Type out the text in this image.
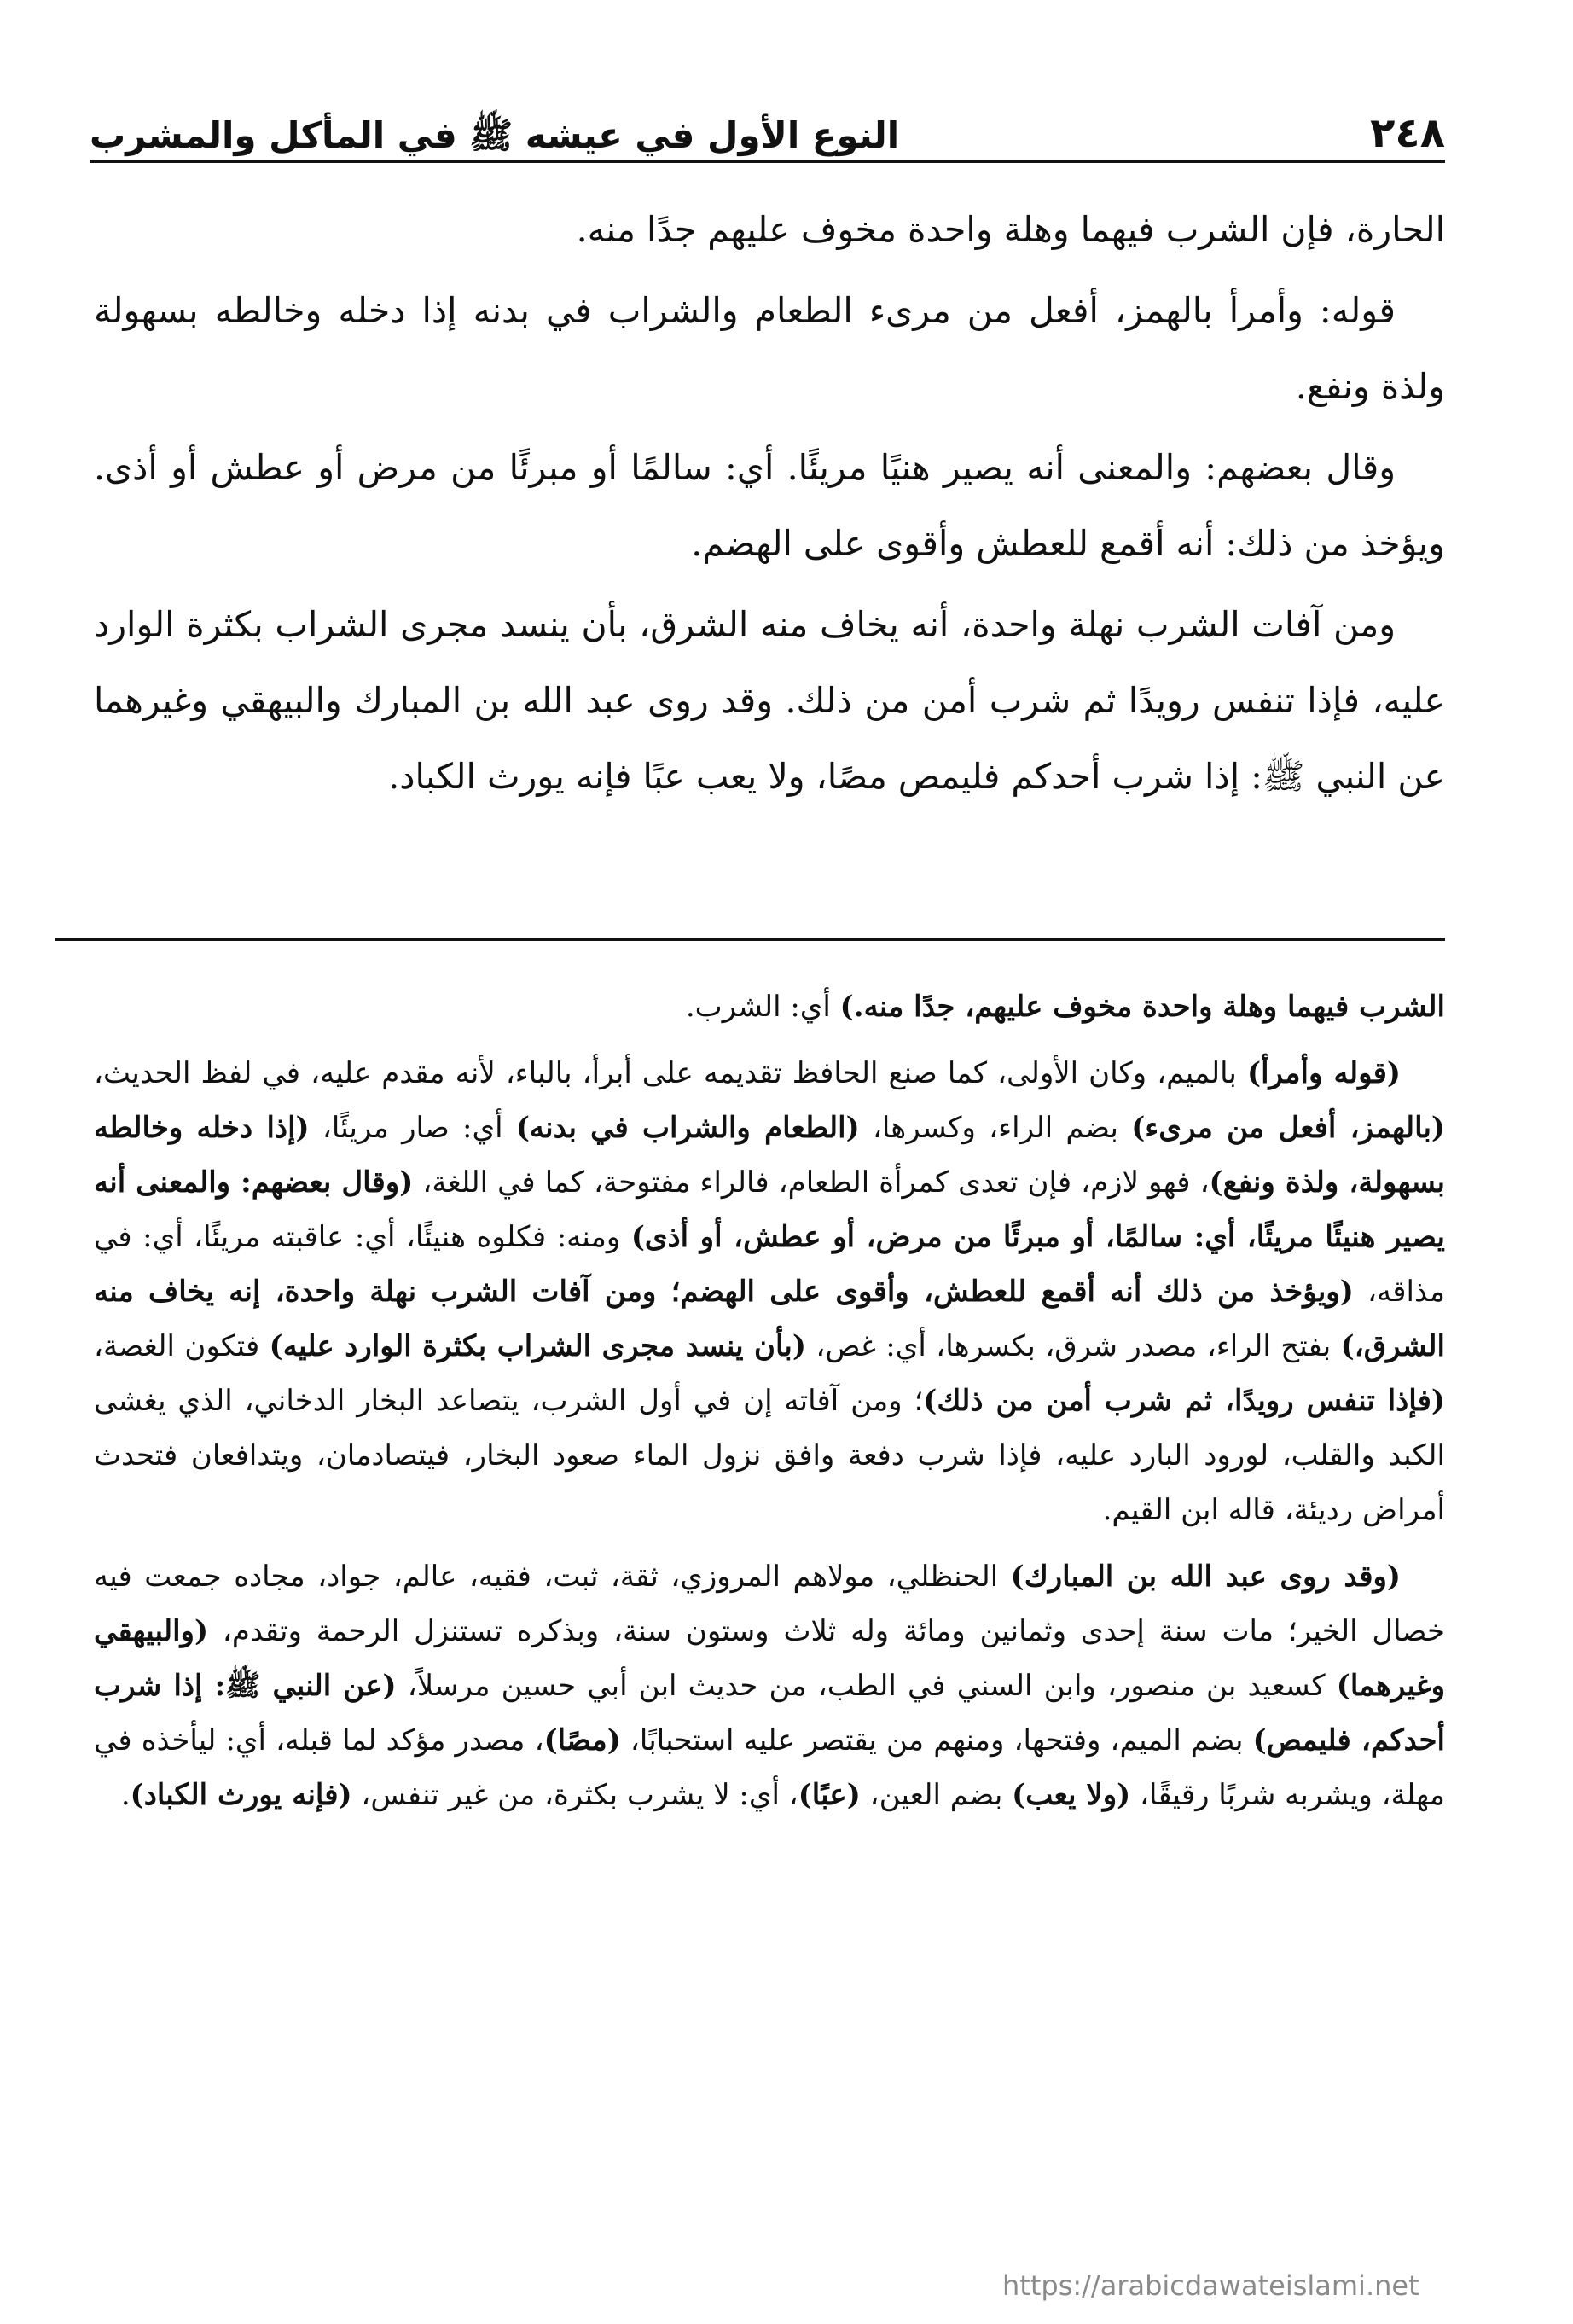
٢٤٨
النوع الأول في عيشه ﷺ في المأكل والمشرب

الحارة، فإن الشرب فيهما وهلة واحدة مخوف عليهم جدًا منه.

قوله: وأمرأ بالهمز، أفعل من مرىء الطعام والشراب في بدنه إذا دخله وخالطه بسهولة ولذة ونفع.

وقال بعضهم: والمعنى أنه يصير هنيًا مريئًا. أي: سالمًا أو مبرئًا من مرض أو عطش أو أذى. ويؤخذ من ذلك: أنه أقمع للعطش وأقوى على الهضم.

ومن آفات الشرب نهلة واحدة، أنه يخاف منه الشرق، بأن ينسد مجرى الشراب بكثرة الوارد عليه، فإذا تنفس رويدًا ثم شرب أمن من ذلك. وقد روى عبد الله بن المبارك والبيهقي وغيرهما عن النبي ﷺ: إذا شرب أحدكم فليمص مصًا، ولا يعب عبًا فإنه يورث الكباد.

الشرب فيهما وهلة واحدة مخوف عليهم، جدًا منه.) أي: الشرب.

(قوله وأمرأ) بالميم، وكان الأولى، كما صنع الحافظ تقديمه على أبرأ، بالباء، لأنه مقدم عليه، في لفظ الحديث، (بالهمز، أفعل من مرىء) بضم الراء، وكسرها، (الطعام والشراب في بدنه) أي: صار مريئًا، (إذا دخله وخالطه بسهولة، ولذة ونفع)، فهو لازم، فإن تعدى كمرأة الطعام، فالراء مفتوحة، كما في اللغة، (وقال بعضهم: والمعنى أنه يصير هنيئًا مريئًا، أي: سالمًا، أو مبرئًا من مرض، أو عطش، أو أذى) ومنه: فكلوه هنيئًا، أي: عاقبته مريئًا، أي: في مذاقه، (ويؤخذ من ذلك أنه أقمع للعطش، وأقوى على الهضم؛ ومن آفات الشرب نهلة واحدة، إنه يخاف منه الشرق،) بفتح الراء، مصدر شرق، بكسرها، أي: غص، (بأن ينسد مجرى الشراب بكثرة الوارد عليه) فتكون الغصة، (فإذا تنفس رويدًا، ثم شرب أمن من ذلك)؛ ومن آفاته إن في أول الشرب، يتصاعد البخار الدخاني، الذي يغشى الكبد والقلب، لورود البارد عليه، فإذا شرب دفعة وافق نزول الماء صعود البخار، فيتصادمان، ويتدافعان فتحدث أمراض رديئة، قاله ابن القيم.

(وقد روى عبد الله بن المبارك) الحنظلي، مولاهم المروزي، ثقة، ثبت، فقيه، عالم، جواد، مجاده جمعت فيه خصال الخير؛ مات سنة إحدى وثمانين ومائة وله ثلاث وستون سنة، وبذكره تستنزل الرحمة وتقدم، (والبيهقي وغيرهما) كسعيد بن منصور، وابن السني في الطب، من حديث ابن أبي حسين مرسلاً، (عن النبي ﷺ: إذا شرب أحدكم، فليمص) بضم الميم، وفتحها، ومنهم من يقتصر عليه استحبابًا، (مصًا)، مصدر مؤكد لما قبله، أي: ليأخذه في مهلة، ويشربه شربًا رقيقًا، (ولا يعب) بضم العين، (عبًا)، أي: لا يشرب بكثرة، من غير تنفس، (فإنه يورث الكباد).

https://arabicdawateislami.net
